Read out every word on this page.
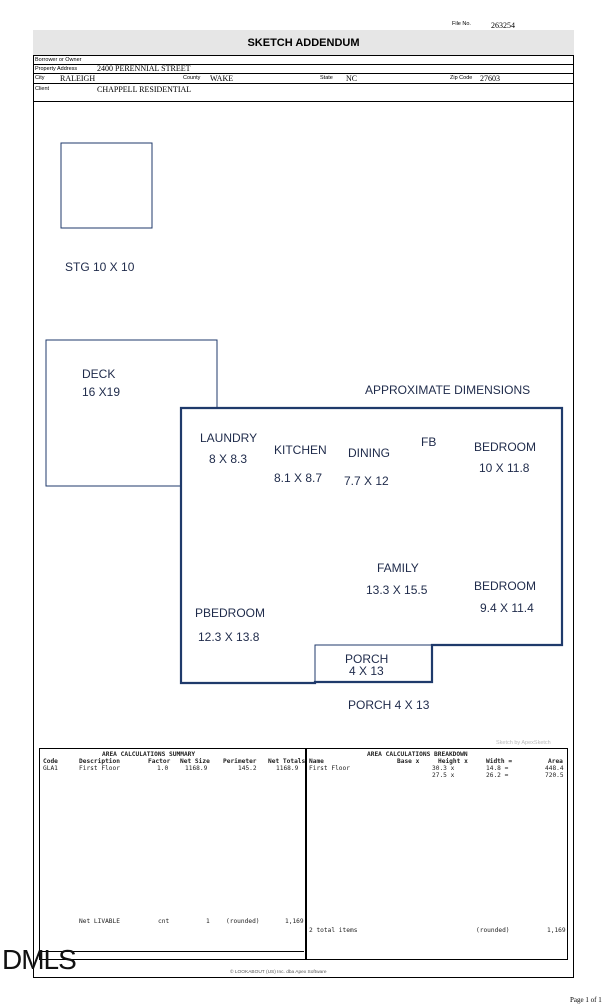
File No.	263254
SKETCH ADDENDUM
Borrower or Owner
Property Address 2400 PERENNIAL STREET
City RALEIGH	County WAKE	State NC	Zip Code 27603
Client	CHAPPELL RESIDENTIAL
STG 10 X 10
DECK
16 X19	APPROXIMATE DIMENSIONS
LAUNDRY
8 X 8.3
KITCHEN
8.1 X 8.7
DINING
7.7 X 12
FB	BEDROOM
10 X 11.8
FAMILY
13.3 X 15.5	BEDROOM
9.4 X 11.4
PBEDROOM
12.3 X 13.8
PORCH
4 X 13
PORCH 4 X 13
Sketch by ApexSketch
AREA CALCULATIONS SUMMARY
Code	Description	Factor Net Size Perimeter Net Totals
GLA1	First Floor	1.0	1168.9	145.2	1168.9
Net LIVABLE	cnt	1	(rounded)	1,169
AREA CALCULATIONS BREAKDOWN
Name	Base x	Height x	Width =	Area
First Floor	30.3 x	14.8 =	448.4
27.5 x	26.2 =	720.5
2 total items	(rounded)	1,169
© LOOKABOUT (US) Inc. dba Apex Software
DMLS
Page 1 of 1
